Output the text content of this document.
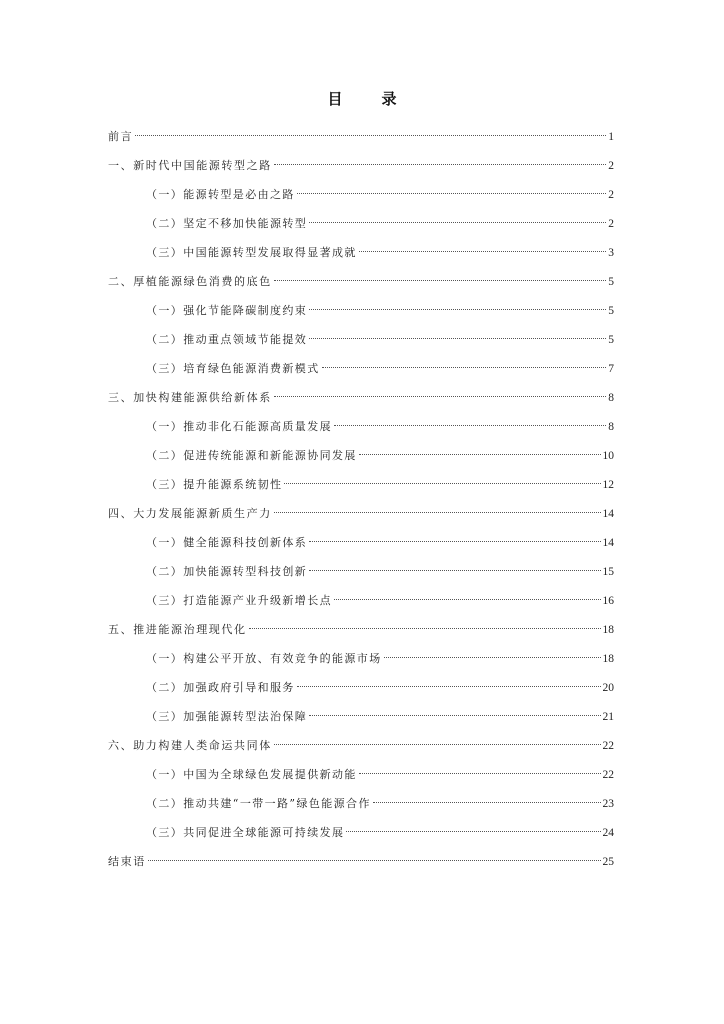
目　录
前言	1
一、新时代中国能源转型之路	2
（一）能源转型是必由之路	2
（二）坚定不移加快能源转型	2
（三）中国能源转型发展取得显著成就	3
二、厚植能源绿色消费的底色	5
（一）强化节能降碳制度约束	5
（二）推动重点领域节能提效	5
（三）培育绿色能源消费新模式	7
三、加快构建能源供给新体系	8
（一）推动非化石能源高质量发展	8
（二）促进传统能源和新能源协同发展	10
（三）提升能源系统韧性	12
四、大力发展能源新质生产力	14
（一）健全能源科技创新体系	14
（二）加快能源转型科技创新	15
（三）打造能源产业升级新增长点	16
五、推进能源治理现代化	18
（一）构建公平开放、有效竞争的能源市场	18
（二）加强政府引导和服务	20
（三）加强能源转型法治保障	21
六、助力构建人类命运共同体	22
（一）中国为全球绿色发展提供新动能	22
（二）推动共建“一带一路”绿色能源合作	23
（三）共同促进全球能源可持续发展	24
结束语	25
